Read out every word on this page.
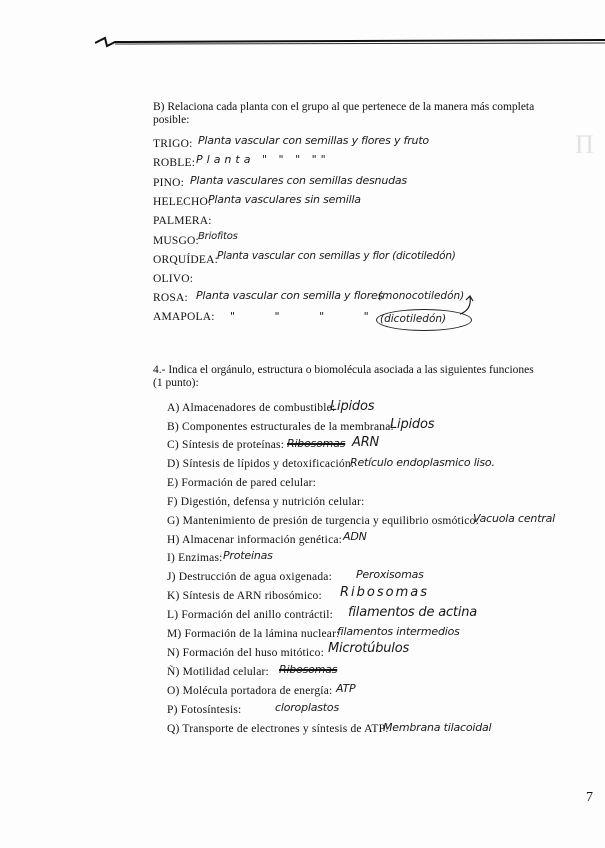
Π
B) Relaciona cada planta con el grupo al que pertenece de la manera más completa posible:
TRIGO: Planta vascular con semillas y flores y fruto
ROBLE: Planta " " " ""
PINO: Planta vasculares con semillas desnudas
HELECHO:
Planta vasculares sin semilla
PALMERA:
MUSGO: Briofitos
ORQUÍDEA:
Planta vascular con semillas y flor (dicotiledón)
OLIVO:
ROSA: Planta vascular con semilla y flores
(monocotiledón)
AMAPOLA: " " " "
(dicotiledón)
4.- Indica el orgánulo, estructura o biomolécula asociada a las siguientes funciones (1 punto):
A) Almacenadores de combustible:
Lipidos
B) Componentes estructurales de la membrana:
Lipidos
C) Síntesis de proteínas: Ribosomas ARN
D) Síntesis de lípidos y detoxificación:
Retículo endoplasmico liso.
E) Formación de pared celular:
F) Digestión, defensa y nutrición celular:
G) Mantenimiento de presión de turgencia y equilibrio osmótico:
Vacuola central
H) Almacenar información genética: ADN
I) Enzimas: Proteinas
J) Destrucción de agua oxigenada: Peroxisomas
K) Síntesis de ARN ribosómico: Ribosomas
L) Formación del anillo contráctil: filamentos de actina
M) Formación de la lámina nuclear:
filamentos intermedios
N) Formación del huso mitótico: Microtúbulos
Ñ) Motilidad celular: Ribosomas
O) Molécula portadora de energía: ATP
P) Fotosíntesis:	cloroplastos
Q) Transporte de electrones y síntesis de ATP:
Membrana tilacoidal
7
